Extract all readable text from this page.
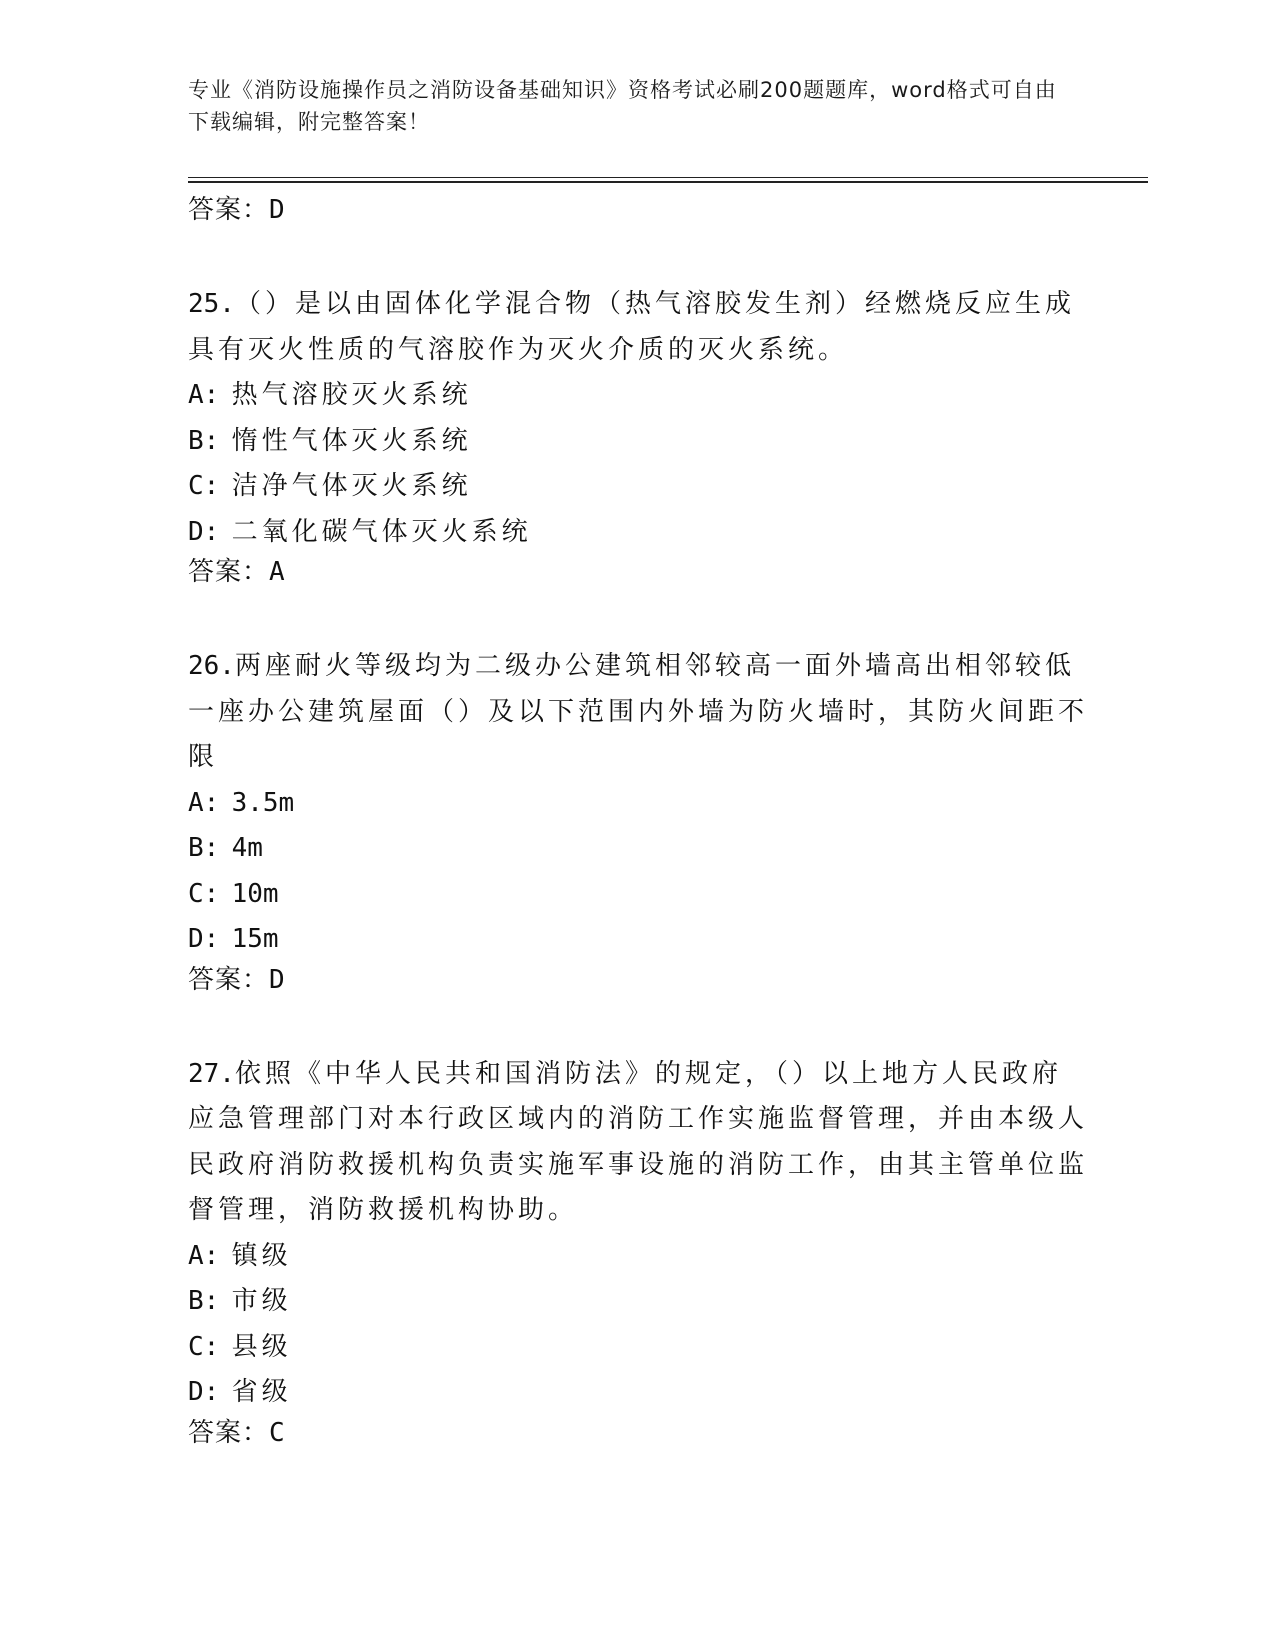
专业《消防设施操作员之消防设备基础知识》资格考试必刷200题题库，word格式可自由下载编辑，附完整答案！
答案：D

25.（）是以由固体化学混合物（热气溶胶发生剂）经燃烧反应生成具有灭火性质的气溶胶作为灭火介质的灭火系统。

A: 热气溶胶灭火系统
B: 惰性气体灭火系统
C: 洁净气体灭火系统
D: 二氧化碳气体灭火系统
答案：A

26.两座耐火等级均为二级办公建筑相邻较高一面外墙高出相邻较低一座办公建筑屋面（）及以下范围内外墙为防火墙时，其防火间距不限

A: 3.5m
B: 4m
C: 10m
D: 15m
答案：D

27.依照《中华人民共和国消防法》的规定，（）以上地方人民政府应急管理部门对本行政区域内的消防工作实施监督管理，并由本级人民政府消防救援机构负责实施军事设施的消防工作，由其主管单位监督管理，消防救援机构协助。

A: 镇级
B: 市级
C: 县级
D: 省级
答案：C
